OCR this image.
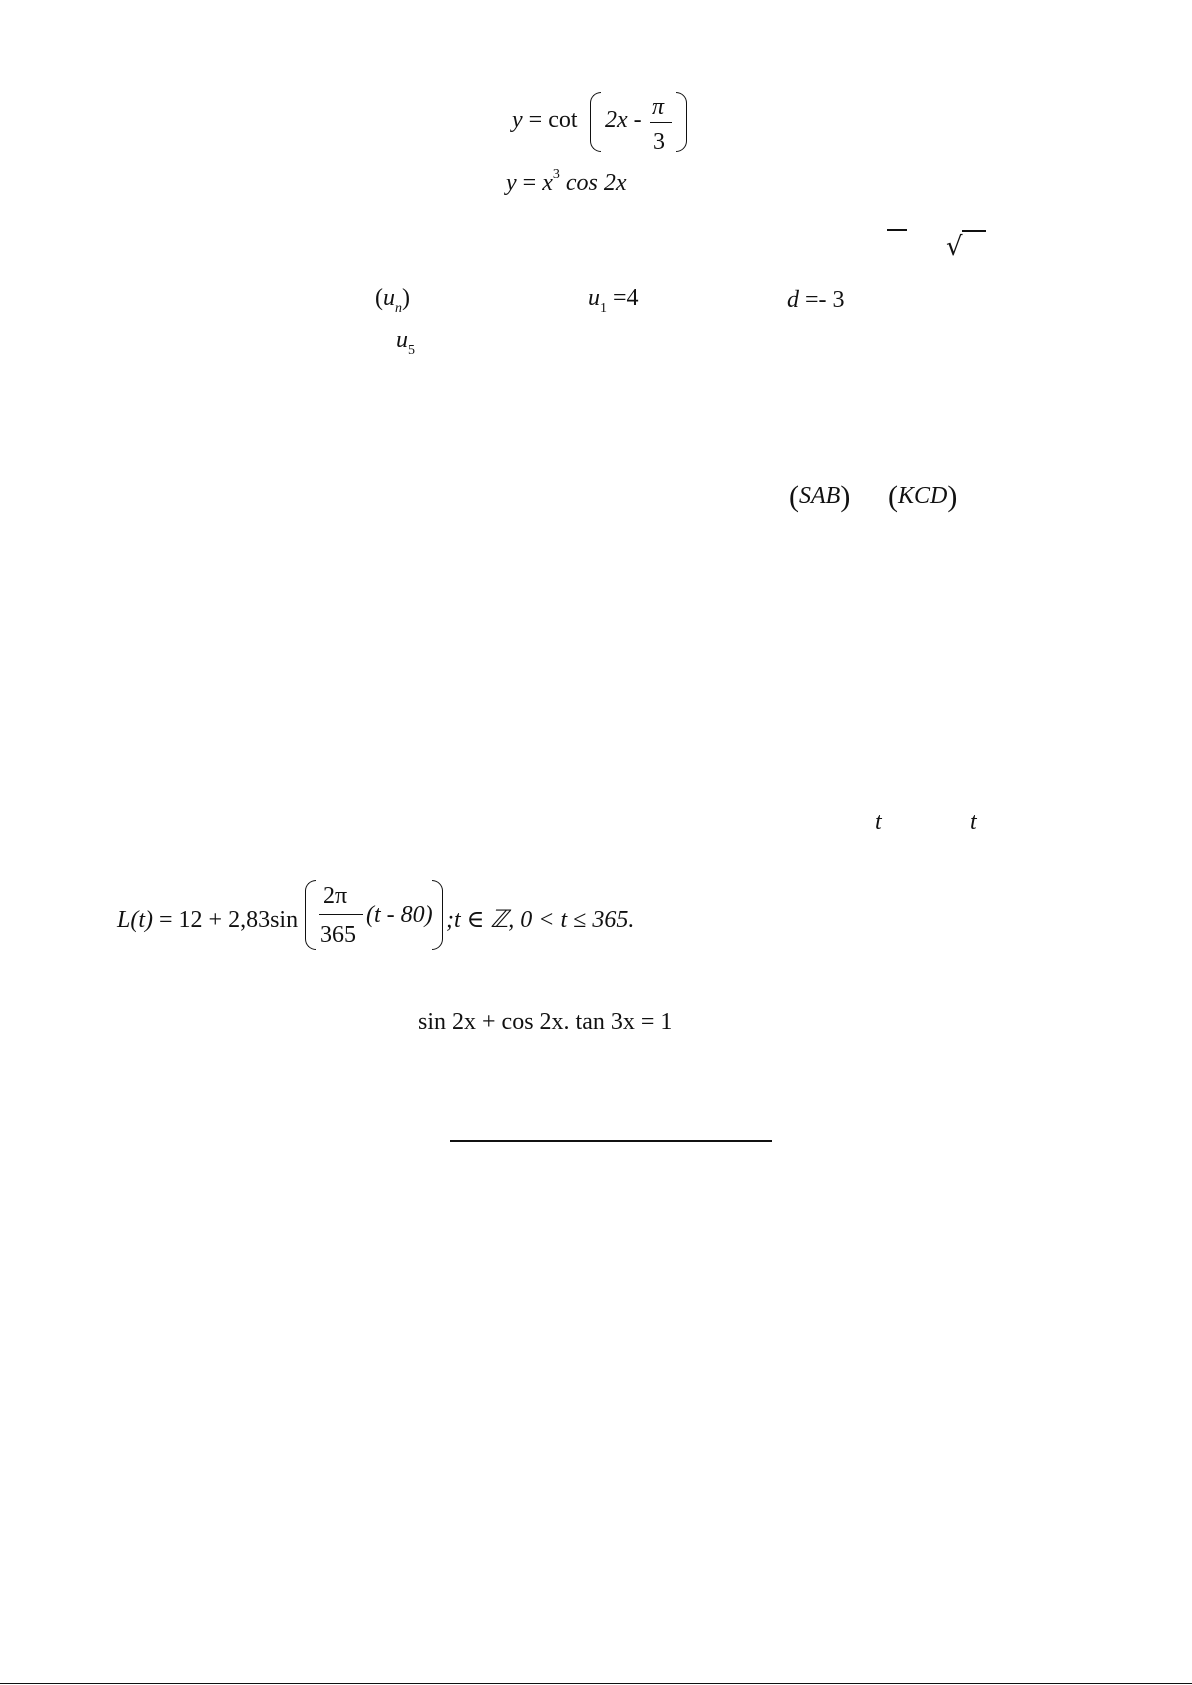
y = cot 2x - π
3
$y = x^3$ cos 2x
√
$(u_n)$	$u_1 =4$	d =- 3
$u_5$
(SAB) (KCD)
t	t
L(t) = 12 + 2,83sin
2π
365
(t - 80) ;t ∈ ℤ, 0 < t ≤ 365.
sin 2x + cos 2x. tan 3x = 1
